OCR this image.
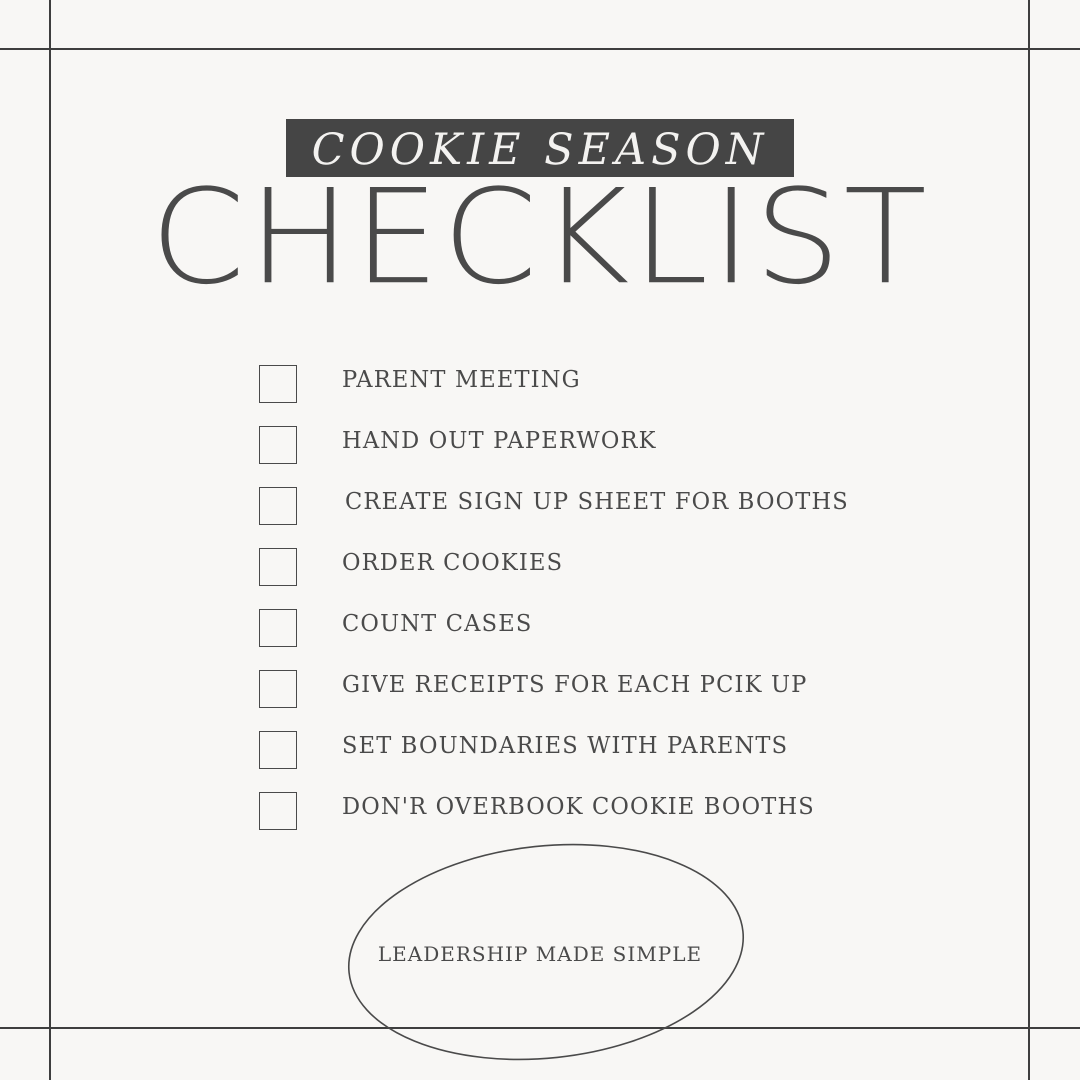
COOKIE SEASON
CHECKLIST
PARENT MEETING
HAND OUT PAPERWORK
CREATE SIGN UP SHEET FOR BOOTHS
ORDER COOKIES
COUNT CASES
GIVE RECEIPTS FOR EACH PCIK UP
SET BOUNDARIES WITH PARENTS
DON'R OVERBOOK COOKIE BOOTHS
LEADERSHIP MADE SIMPLE
